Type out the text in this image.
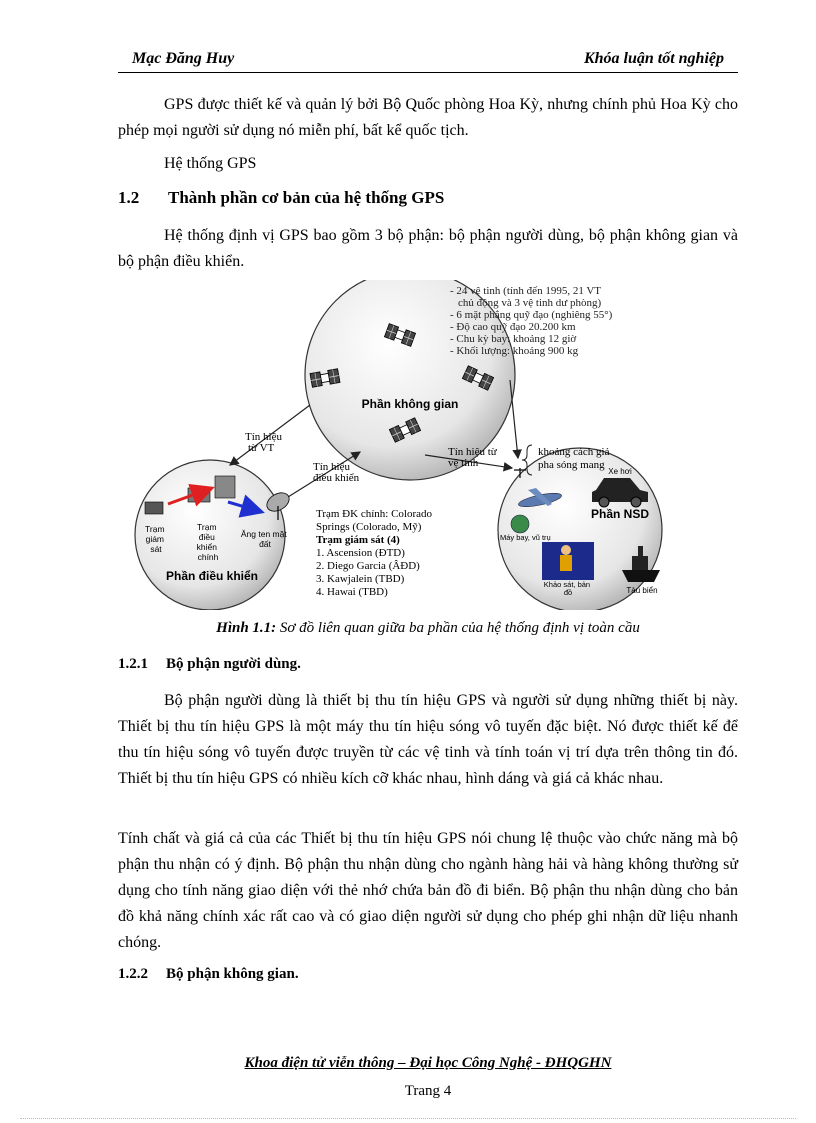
Mạc Đăng Huy	Khóa luận tốt nghiệp

GPS được thiết kế và quản lý bởi Bộ Quốc phòng Hoa Kỳ, nhưng chính phủ Hoa Kỳ cho phép mọi người sử dụng nó miễn phí, bất kể quốc tịch.

Hệ thống GPS

1.2 Thành phần cơ bản của hệ thống GPS

Hệ thống định vị GPS bao gồm 3 bộ phận: bộ phận người dùng, bộ phận không gian và bộ phận điều khiển.

Phần không gian
- 24 vệ tinh (tính đến 1995, 21 VT
chủ động và 3 vệ tinh dư phòng)
- 6 mặt phẳng quỹ đạo (nghiêng 55°)
- Độ cao quỹ đạo 20.200 km
- Chu kỳ bay: khoảng 12 giờ
- Khối lượng: khoảng 900 kg
Tín hiệu
từ VT
Tín hiệu
điều khiển
Tín hiệu từ
vệ tinh
khoảng cách giả
pha sóng mang
Trạm giám sát
Trạm điều khiển chính
Ăng ten mặt đất
Phần điều khiển
Trạm ĐK chính: Colorado
Springs (Colorado, Mỹ)
Trạm giám sát (4)
1. Ascension (ĐTD)
2. Diego Garcia (ÂĐD)
3. Kawjalein (TBD)
4. Hawai (TBD)
Máy bay, vũ trụ
Xe hơi
Phần NSD
Khảo sát, bản đồ	Tàu biển
Hình 1.1: Sơ đồ liên quan giữa ba phần của hệ thống định vị toàn cầu
1.2.1 Bộ phận người dùng.

Bộ phận người dùng là thiết bị thu tín hiệu GPS và người sử dụng những thiết bị này. Thiết bị thu tín hiệu GPS là một máy thu tín hiệu sóng vô tuyến đặc biệt. Nó được thiết kế để thu tín hiệu sóng vô tuyến được truyền từ các vệ tinh và tính toán vị trí dựa trên thông tin đó. Thiết bị thu tín hiệu GPS có nhiều kích cỡ khác nhau, hình dáng và giá cả khác nhau.

Tính chất và giá cả của các Thiết bị thu tín hiệu GPS nói chung lệ thuộc vào chức năng mà bộ phận thu nhận có ý định. Bộ phận thu nhận dùng cho ngành hàng hải và hàng không thường sử dụng cho tính năng giao diện với thẻ nhớ chứa bản đồ đi biển. Bộ phận thu nhận dùng cho bản đồ khả năng chính xác rất cao và có giao diện người sử dụng cho phép ghi nhận dữ liệu nhanh chóng.

1.2.2 Bộ phận không gian.
Khoa điện tử viễn thông – Đại học Công Nghệ - ĐHQGHN
Trang 4
